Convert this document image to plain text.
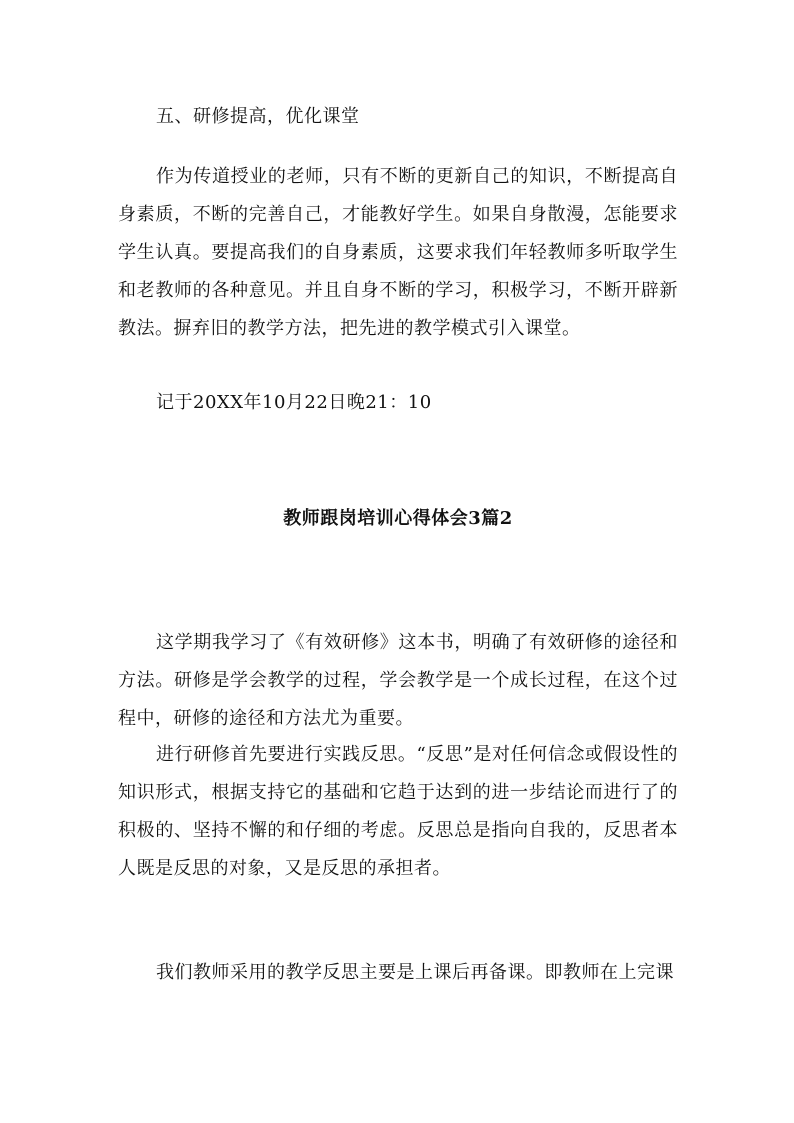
五、研修提高，优化课堂
作为传道授业的老师，只有不断的更新自己的知识，不断提高自身素质，不断的完善自己，才能教好学生。如果自身散漫，怎能要求学生认真。要提高我们的自身素质，这要求我们年轻教师多听取学生和老教师的各种意见。并且自身不断的学习，积极学习，不断开辟新教法。摒弃旧的教学方法，把先进的教学模式引入课堂。
记于20XX年10月22日晚21：10
教师跟岗培训心得体会3篇2
这学期我学习了《有效研修》这本书，明确了有效研修的途径和方法。研修是学会教学的过程，学会教学是一个成长过程，在这个过程中，研修的途径和方法尤为重要。
进行研修首先要进行实践反思。“反思”是对任何信念或假设性的知识形式，根据支持它的基础和它趋于达到的进一步结论而进行了的积极的、坚持不懈的和仔细的考虑。反思总是指向自我的，反思者本人既是反思的对象，又是反思的承担者。
我们教师采用的教学反思主要是上课后再备课。即教师在上完课
